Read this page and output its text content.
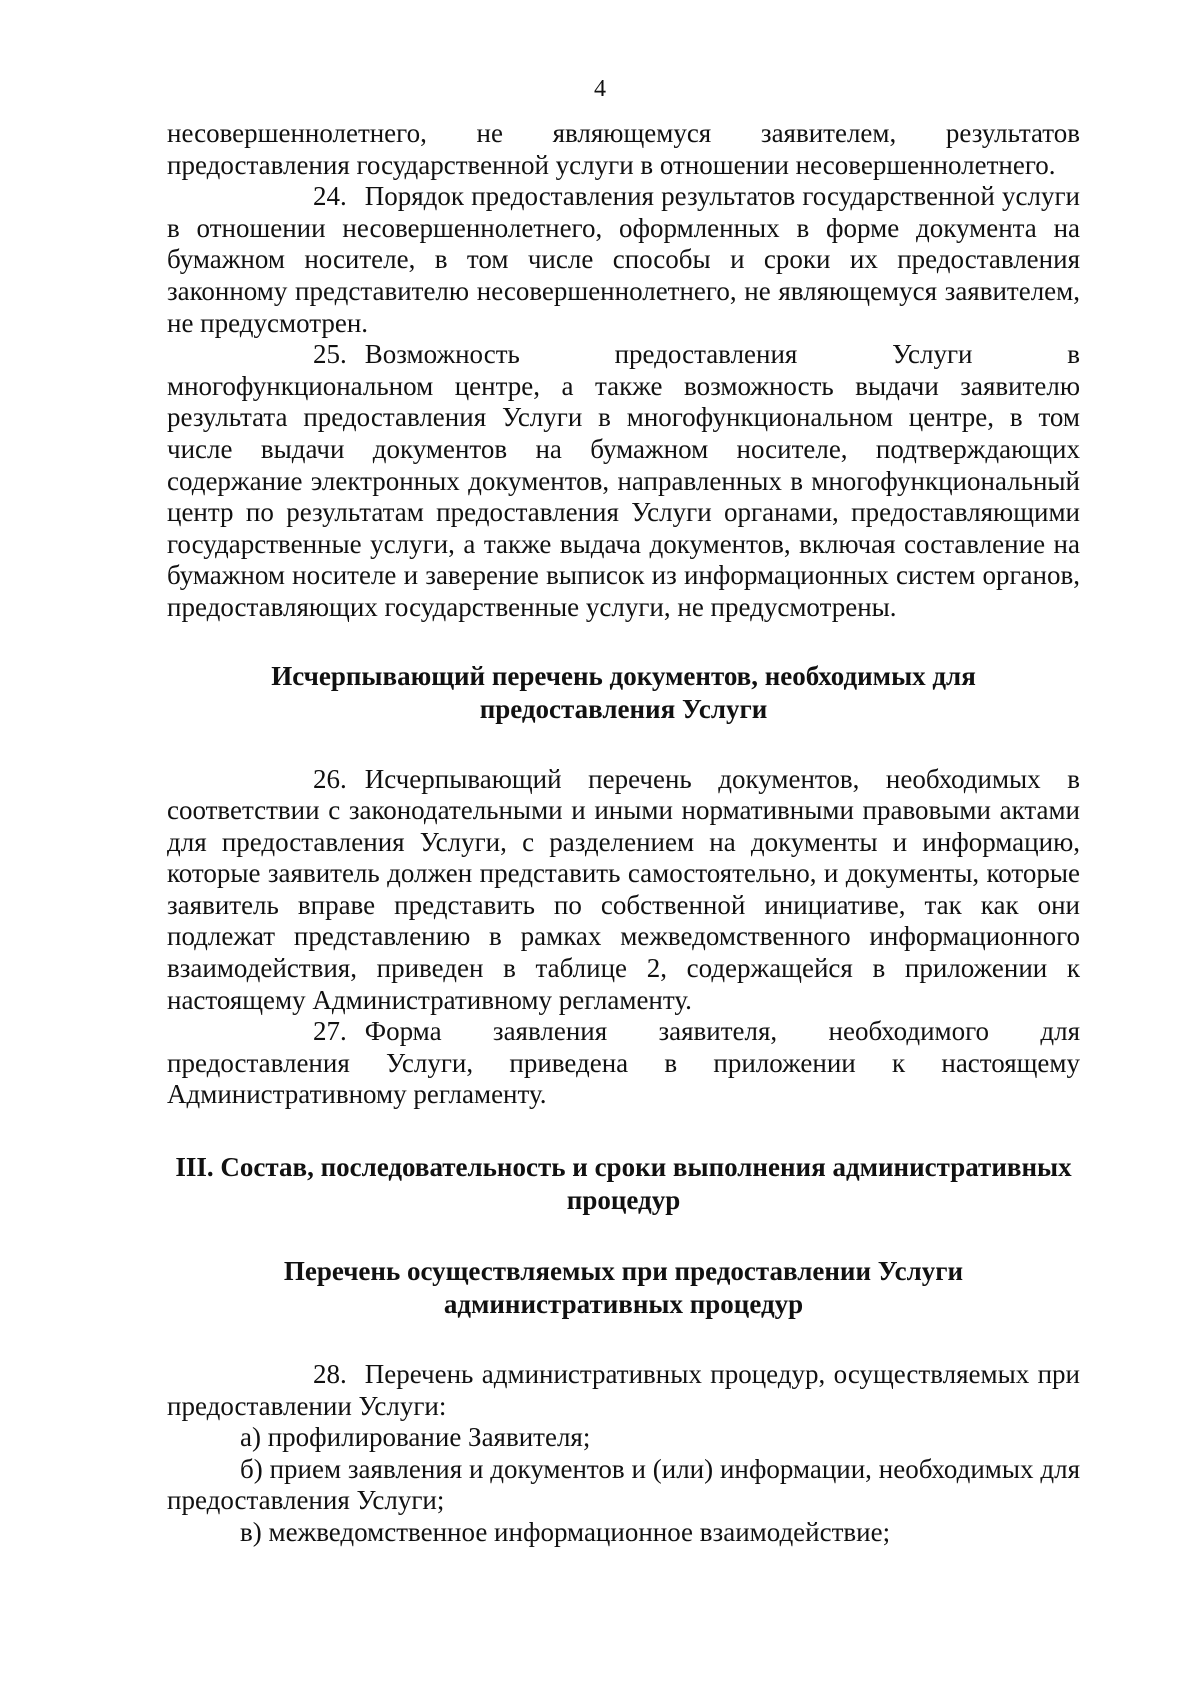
4

несовершеннолетнего, не являющемуся заявителем, результатов предоставления государственной услуги в отношении несовершеннолетнего.

24. Порядок предоставления результатов государственной услуги в отношении несовершеннолетнего, оформленных в форме документа на бумажном носителе, в том числе способы и сроки их предоставления законному представителю несовершеннолетнего, не являющемуся заявителем, не предусмотрен.

25. Возможность предоставления Услуги в многофункциональном центре, а также возможность выдачи заявителю результата предоставления Услуги в многофункциональном центре, в том числе выдачи документов на бумажном носителе, подтверждающих содержание электронных документов, направленных в многофункциональный центр по результатам предоставления Услуги органами, предоставляющими государственные услуги, а также выдача документов, включая составление на бумажном носителе и заверение выписок из информационных систем органов, предоставляющих государственные услуги, не предусмотрены.

Исчерпывающий перечень документов, необходимых для предоставления Услуги

26. Исчерпывающий перечень документов, необходимых в соответствии с законодательными и иными нормативными правовыми актами для предоставления Услуги, с разделением на документы и информацию, которые заявитель должен представить самостоятельно, и документы, которые заявитель вправе представить по собственной инициативе, так как они подлежат представлению в рамках межведомственного информационного взаимодействия, приведен в таблице 2, содержащейся в приложении к настоящему Административному регламенту.

27. Форма заявления заявителя, необходимого для предоставления Услуги, приведена в приложении к настоящему Административному регламенту.

III. Состав, последовательность и сроки выполнения административных процедур

Перечень осуществляемых при предоставлении Услуги административных процедур

28. Перечень административных процедур, осуществляемых при предоставлении Услуги:

а) профилирование Заявителя;

б) прием заявления и документов и (или) информации, необходимых для предоставления Услуги;

в) межведомственное информационное взаимодействие;
